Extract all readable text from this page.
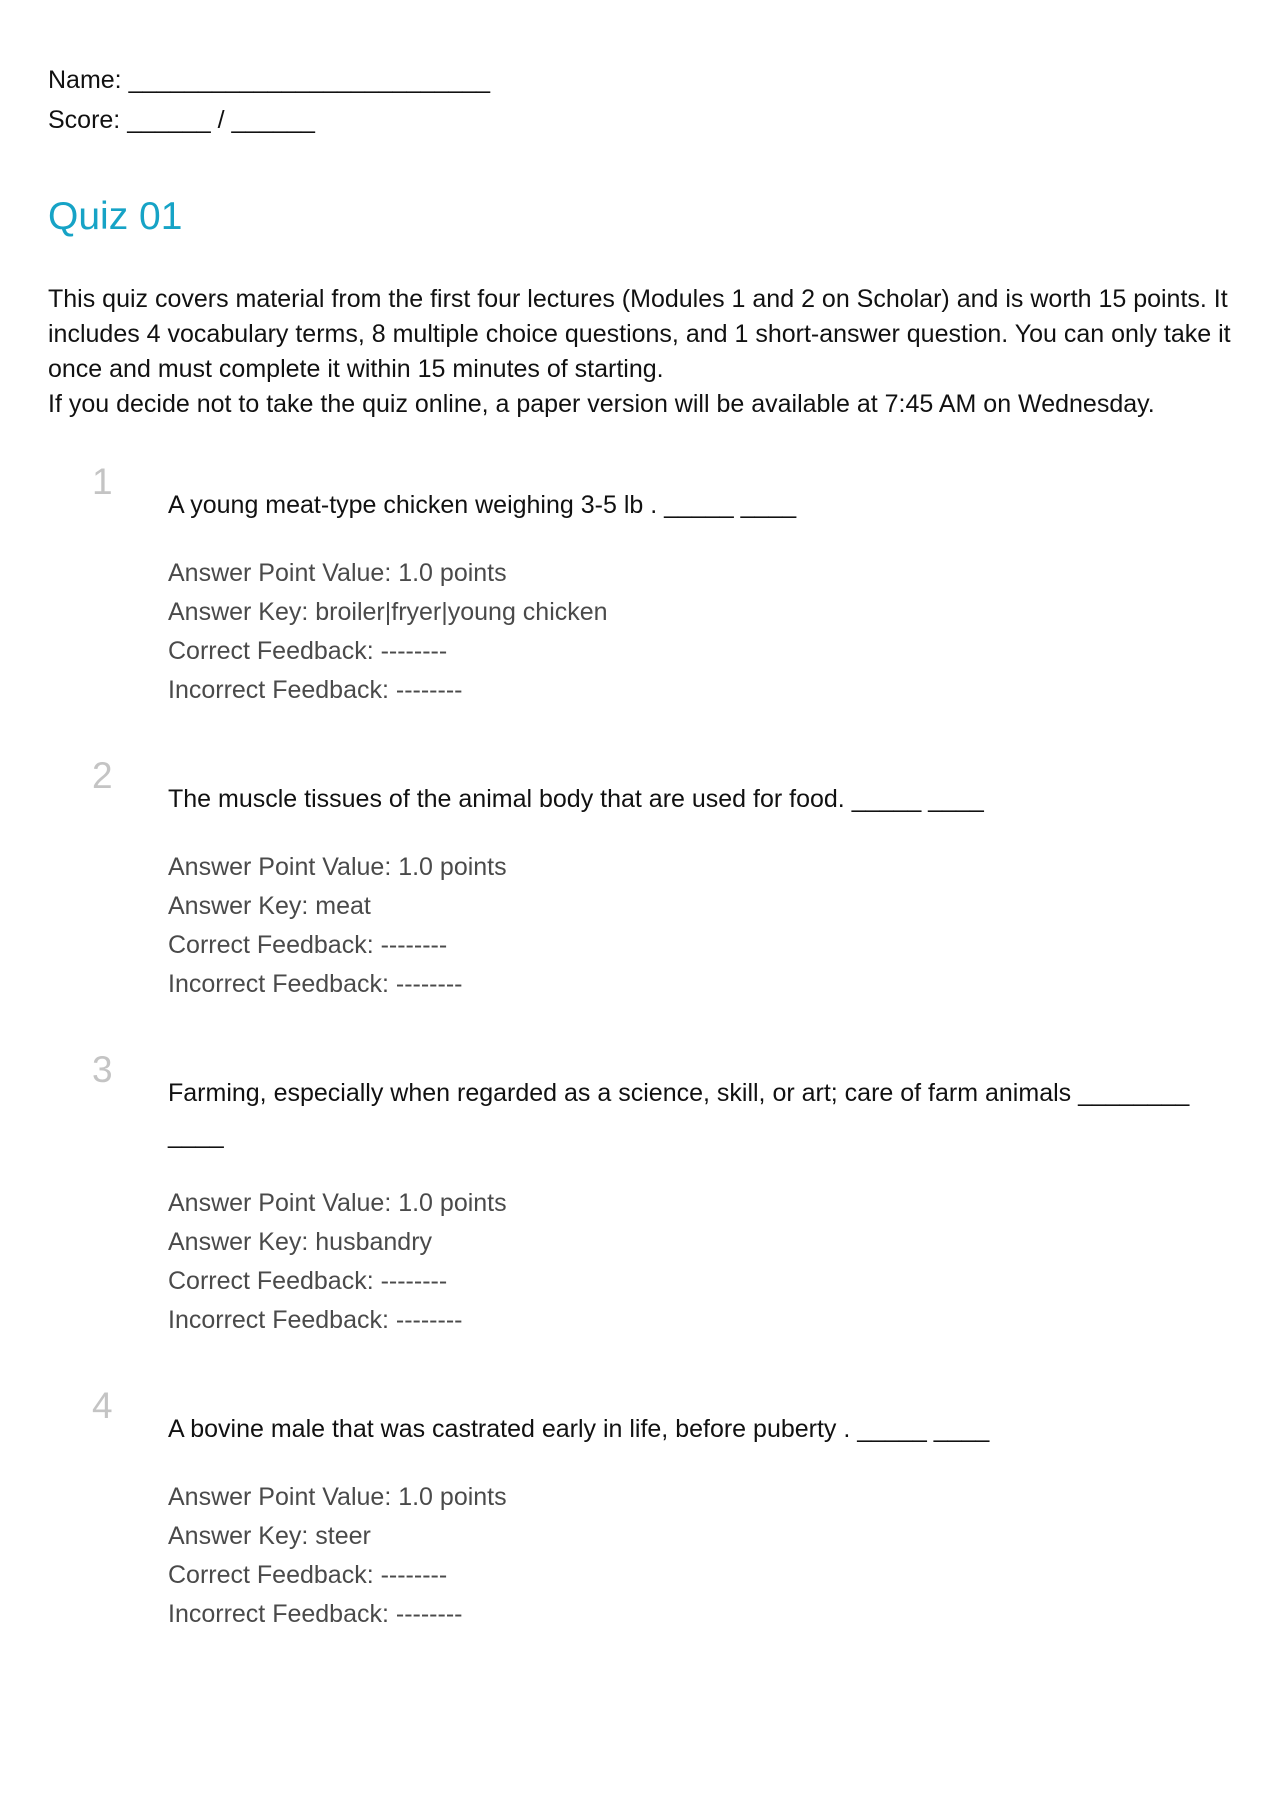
Name: __________________________
Score: ______ / ______
Quiz 01

This quiz covers material from the first four lectures (Modules 1 and 2 on Scholar) and is worth 15 points. It includes 4 vocabulary terms, 8 multiple choice questions, and 1 short-answer question. You can only take it once and must complete it within 15 minutes of starting.

If you decide not to take the quiz online, a paper version will be available at 7:45 AM on Wednesday.

1
A young meat-type chicken weighing 3-5 lb . _____ ____
Answer Point Value: 1.0 points
Answer Key: broiler|fryer|young chicken
Correct Feedback: --------
Incorrect Feedback: --------
2
The muscle tissues of the animal body that are used for food. _____ ____
Answer Point Value: 1.0 points
Answer Key: meat
Correct Feedback: --------
Incorrect Feedback: --------
3
Farming, especially when regarded as a science, skill, or art; care of farm animals ________ ____
Answer Point Value: 1.0 points
Answer Key: husbandry
Correct Feedback: --------
Incorrect Feedback: --------
4
A bovine male that was castrated early in life, before puberty . _____ ____
Answer Point Value: 1.0 points
Answer Key: steer
Correct Feedback: --------
Incorrect Feedback: --------
